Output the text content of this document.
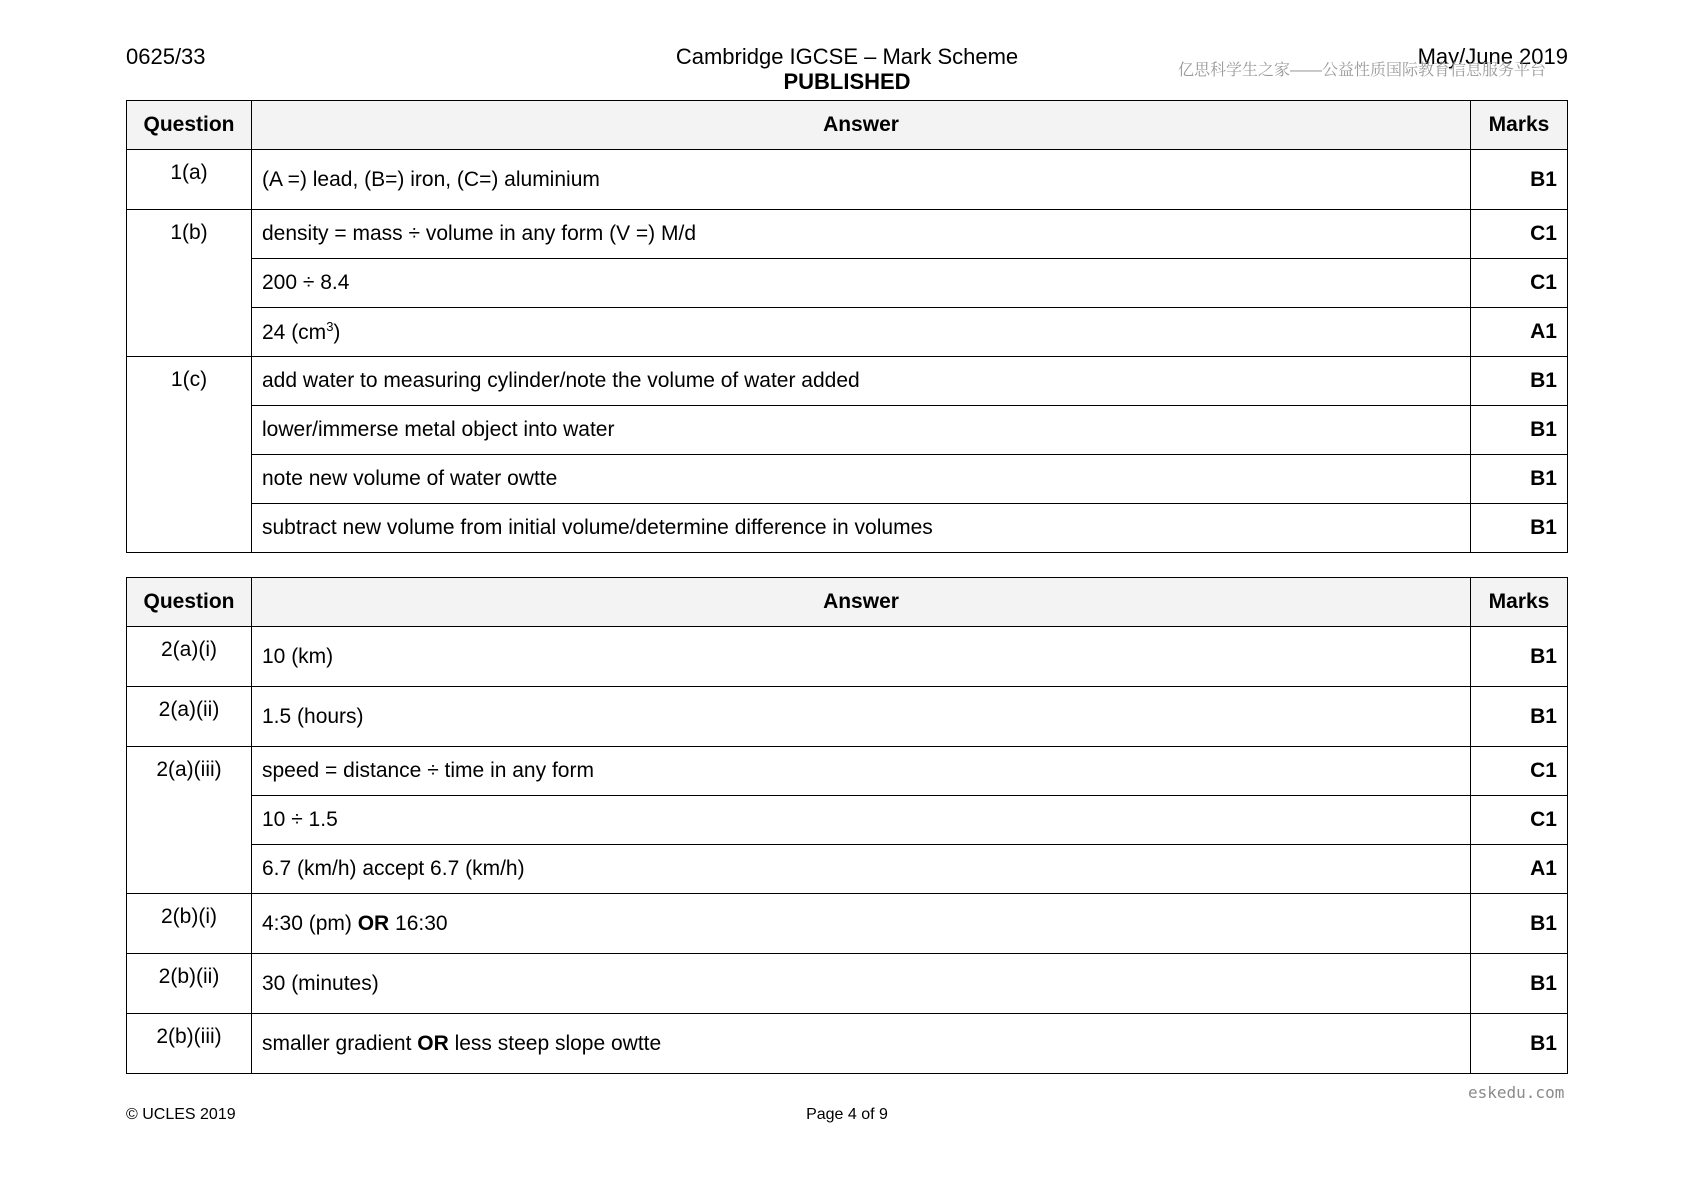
0625/33	Cambridge IGCSE – Mark Scheme
PUBLISHED
May/June 2019
亿思科学生之家——公益性质国际教育信息服务平台
Question	Answer	Marks
1(a)	(A =) lead, (B=) iron, (C=) aluminium	B1
1(b)	density = mass ÷ volume in any form (V =) M/d	C1
	200 ÷ 8.4	C1
	24 $(cm^3)$	A1
1(c)	add water to measuring cylinder/note the volume of water added	B1
	lower/immerse metal object into water	B1
	note new volume of water owtte	B1
	subtract new volume from initial volume/determine difference in volumes	B1
Question	Answer	Marks
2(a)(i)	10 (km)	B1
2(a)(ii)	1.5 (hours)	B1
2(a)(iii)	speed = distance ÷ time in any form	C1
	10 ÷ 1.5	C1
	6.7 (km/h) accept 6.7 (km/h)	A1
2(b)(i)	4:30 (pm) OR 16:30	B1
2(b)(ii)	30 (minutes)	B1
2(b)(iii)	smaller gradient OR less steep slope owtte	B1
eskedu.com
© UCLES 2019	Page 4 of 9
